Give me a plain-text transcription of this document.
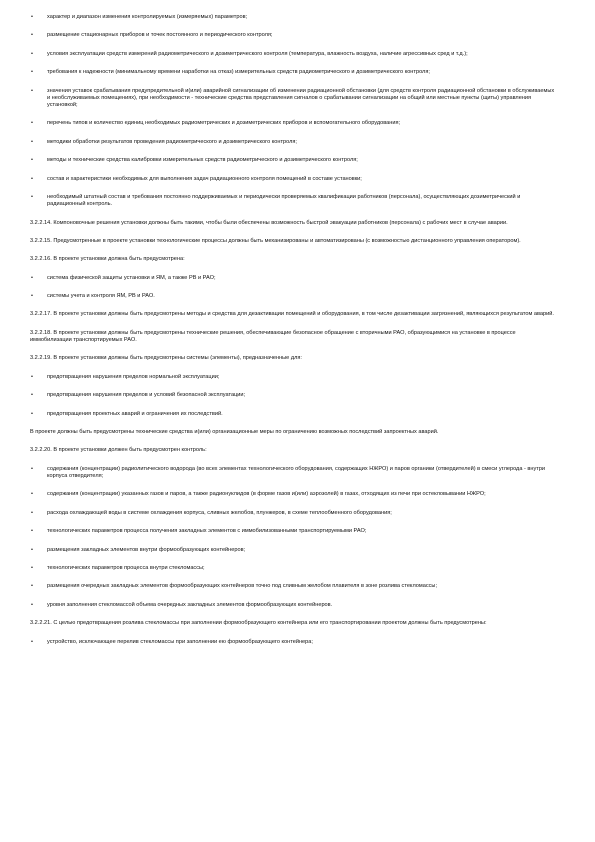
•	характер и диапазон изменения контролируемых (измеряемых) параметров;
•	размещение стационарных приборов и точек постоянного и периодического контроля;
•	условия эксплуатации средств измерений радиометрического и дозиметрического контроля (температура, влажность воздуха, наличие агрессивных сред и т.д.);
•	требования к надежности (минимальному времени наработки на отказ) измерительных средств радиометрического и дозиметрического контроля;
•	значения уставок срабатывания предупредительной и(или) аварийной сигнализации об изменении радиационной обстановки (для средств контроля радиационной обстановки в обслуживаемых и необслуживаемых помещениях), при необходимости - технические средства представления сигналов о срабатывании сигнализации на общий или местные пункты (щиты) управления установкой;
•	перечень типов и количество единиц необходимых радиометрических и дозиметрических приборов и вспомогательного оборудования;
•	методики обработки результатов проведения радиометрического и дозиметрического контроля;
•	методы и технические средства калибровки измерительных средств радиометрического и дозиметрического контроля;
•	состав и характеристики необходимых для выполнения задач радиационного контроля помещений в составе установки;
•	необходимый штатный состав и требования постоянно поддерживаемых и периодически проверяемых квалификации работников (персонала), осуществляющих дозиметрический и радиационный контроль.
3.2.2.14. Компоновочные решения установки должны быть такими, чтобы были обеспечены возможность быстрой эвакуации работников (персонала) с рабочих мест в случае аварии.
3.2.2.15. Предусмотренные в проекте установки технологические процессы должны быть механизированы и автоматизированы (с возможностью дистанционного управления оператором).
3.2.2.16. В проекте установки должна быть предусмотрена:
•	система физической защиты установки и ЯМ, а также РВ и РАО;
•	системы учета и контроля ЯМ, РВ и РАО.
3.2.2.17. В проекте установки должны быть предусмотрены методы и средства для дезактивации помещений и оборудования, в том числе дезактивации загрязнений, являющихся результатом аварий.
3.2.2.18. В проекте установки должны быть предусмотрены технические решения, обеспечивающие безопасное обращение с вторичными РАО, образующимися на установке в процессе иммобилизации транспортируемых РАО.
3.2.2.19. В проекте установки должны быть предусмотрены системы (элементы), предназначенные для:
•	предотвращения нарушения пределов нормальной эксплуатации;
•	предотвращения нарушения пределов и условий безопасной эксплуатации;
•	предотвращения проектных аварий и ограничения их последствий.
В проекте должны быть предусмотрены технические средства и(или) организационные меры по ограничению возможных последствий запроектных аварий.
3.2.2.20. В проекте установки должен быть предусмотрен контроль:
•	содержания (концентрации) радиолитического водорода (во всех элементах технологического оборудования, содержащих НЖРО) и паров органики (отвердителей) в смеси углерода - внутри корпуса отвердителя;
•	содержания (концентрации) указанных газов и паров, а также радионуклидов (в форме газов и(или) аэрозолей) в газах, отходящих из печи при остекловывании НЖРО;
•	расхода охлаждающей воды в системе охлаждения корпуса, сливных желобов, плунжеров, в схеме теплообменного оборудования;
•	технологических параметров процесса получения закладных элементов с иммобилизованными транспортируемыми РАО;
•	размещения закладных элементов внутри формообразующих контейнеров;
•	технологических параметров процесса внутри стекломассы;
•	размещения очередных закладных элементов формообразующих контейнеров точно под сливным желобом плавителя в зоне розлива стекломассы;
•	уровня заполнения стекломассой объема очередных закладных элементов формообразующих контейнеров.
3.2.2.21. С целью предотвращения розлива стекломассы при заполнении формообразующего контейнера или его транспортировании проектом должны быть предусмотрены:
•	устройство, исключающее перелив стекломассы при заполнении ею формообразующего контейнера;
